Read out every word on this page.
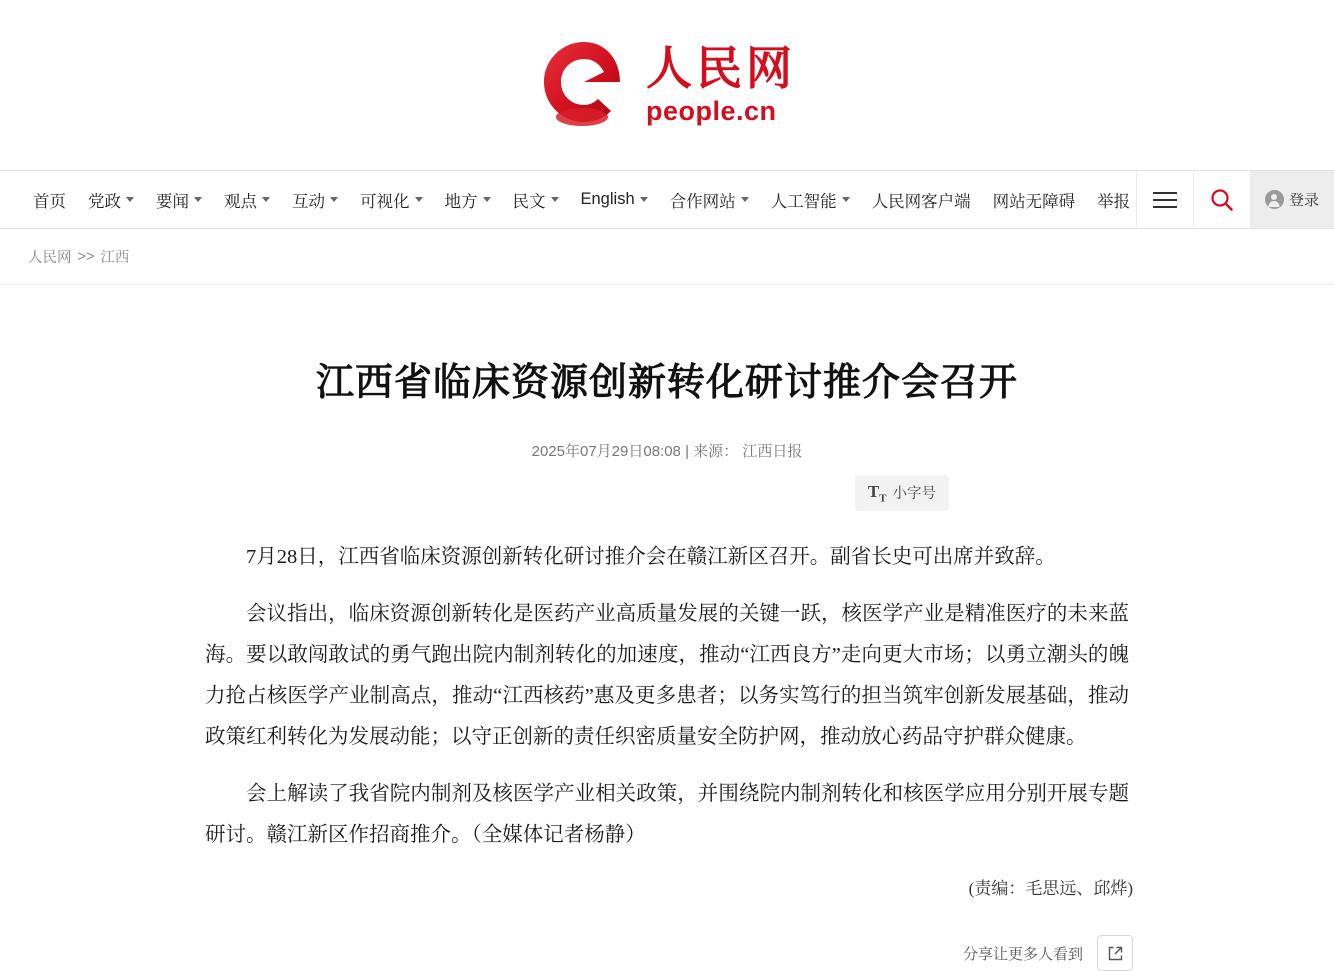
人民网
people.cn
首页 党政 要闻 观点 互动 可视化 地方 民文 English 合作网站 人工智能 人民网客户端 网站无障碍 举报	登录
人民网 >> 江西
江西省临床资源创新转化研讨推介会召开
2025年07月29日08:08 | 来源： 江西日报
$T_T$ 小字号

7月28日，江西省临床资源创新转化研讨推介会在赣江新区召开。副省长史可出席并致辞。

会议指出，临床资源创新转化是医药产业高质量发展的关键一跃，核医学产业是精准医疗的未来蓝海。要以敢闯敢试的勇气跑出院内制剂转化的加速度，推动“江西良方”走向更大市场；以勇立潮头的魄力抢占核医学产业制高点，推动“江西核药”惠及更多患者；以务实笃行的担当筑牢创新发展基础，推动政策红利转化为发展动能；以守正创新的责任织密质量安全防护网，推动放心药品守护群众健康。

会上解读了我省院内制剂及核医学产业相关政策，并围绕院内制剂转化和核医学应用分别开展专题研讨。赣江新区作招商推介。（全媒体记者杨静）

(责编：毛思远、邱烨)
分享让更多人看到
